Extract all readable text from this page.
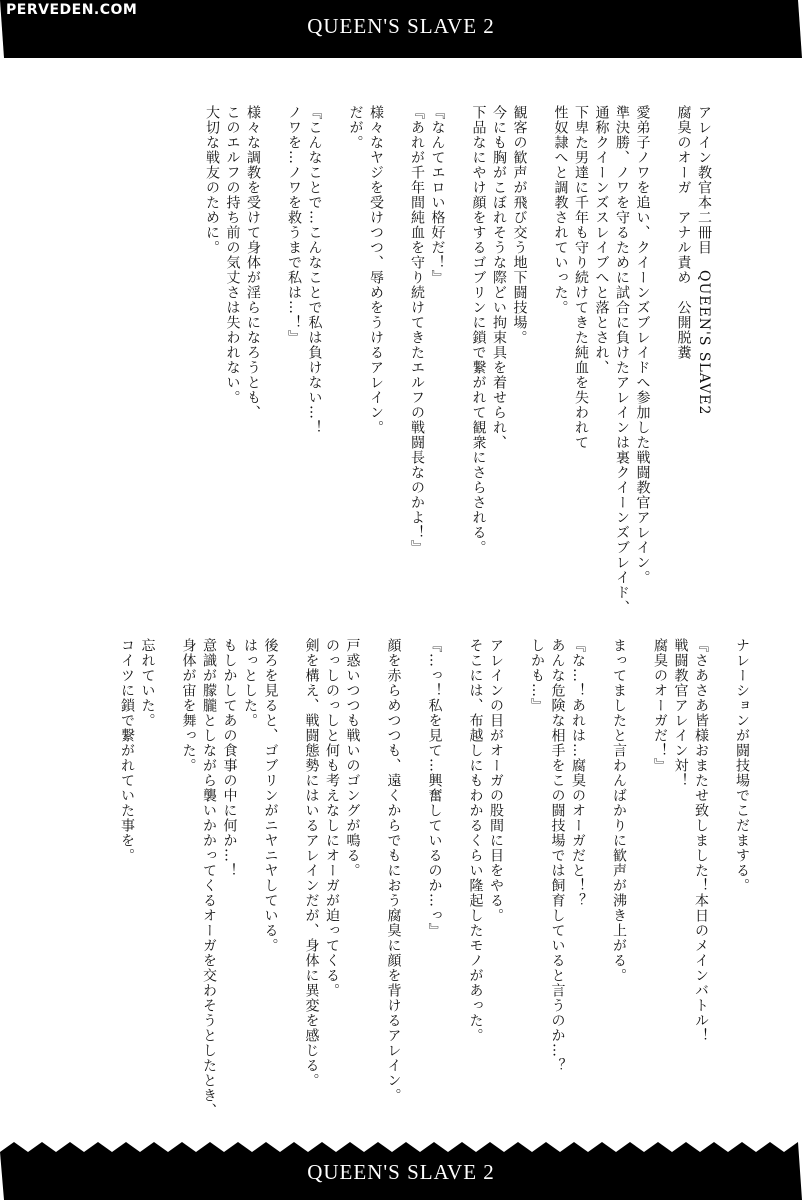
PERVEDEN.COM
QUEEN'S SLAVE 2
アレイン教官本二冊目　QUEEN'S SLAVE2
腐臭のオーガ　アナル責め　公開脱糞
愛弟子ノワを追い、クイーンズブレイドへ参加した戦闘教官アレイン。
準決勝、ノワを守るために試合に負けたアレインは裏クイーンズブレイド、
通称クイーンズスレイブへと落とされ、
下卑た男達に千年も守り続けてきた純血を失われて
性奴隷へと調教されていった。
観客の歓声が飛び交う地下闘技場。
今にも胸がこぼれそうな際どい拘束具を着せられ、
下品なにやけ顔をするゴブリンに鎖で繋がれて観衆にさらされる。
『なんてエロい格好だ！』
『あれが千年間純血を守り続けてきたエルフの戦闘長なのかよ！』
様々なヤジを受けつつ、辱めをうけるアレイン。
だが。
『こんなことで…こんなことで私は負けない…！
ノワを…ノワを救うまで私は…！』
様々な調教を受けて身体が淫らになろうとも、
このエルフの持ち前の気丈さは失われない。
大切な戦友のために。
ナレーションが闘技場でこだまする。
『さあさあ皆様おまたせ致しました！本日のメインバトル！
戦闘教官アレイン対！
腐臭のオーガだ！』
まってましたと言わんばかりに歓声が沸き上がる。
『な…！あれは…腐臭のオーガだと！？
あんな危険な相手をこの闘技場では飼育していると言うのか…？
しかも…』
アレインの目がオーガの股間に目をやる。
そこには、布越しにもわかるくらい隆起したモノがあった。
『…っ！私を見て…興奮しているのか…っ』
顔を赤らめつつも、遠くからでもにおう腐臭に顔を背けるアレイン。
戸惑いつつも戦いのゴングが鳴る。
のっしのっしと何も考えなしにオーガが迫ってくる。
剣を構え、戦闘態勢にはいるアレインだが、身体に異変を感じる。
後ろを見ると、ゴブリンがニヤニヤしている。
はっとした。
もしかしてあの食事の中に何か…！
意識が朦朧としながら襲いかかってくるオーガを交わそうとしたとき、
身体が宙を舞った。
忘れていた。
コイツに鎖で繋がれていた事を。
QUEEN'S SLAVE 2
